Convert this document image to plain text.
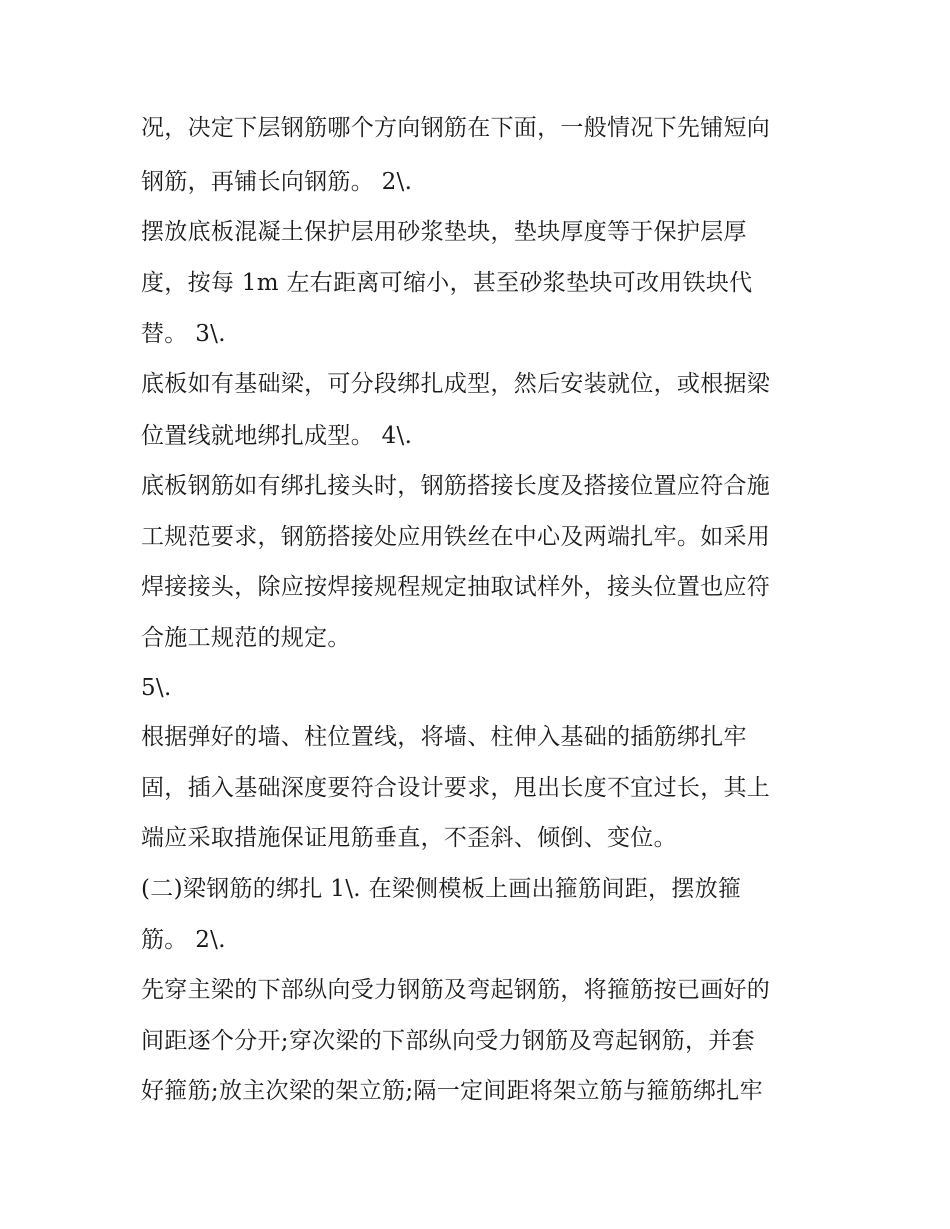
况，决定下层钢筋哪个方向钢筋在下面，一般情况下先铺短向

钢筋，再铺长向钢筋。 2\.

摆放底板混凝土保护层用砂浆垫块，垫块厚度等于保护层厚

度，按每 1m 左右距离可缩小，甚至砂浆垫块可改用铁块代

替。 3\.

底板如有基础梁，可分段绑扎成型，然后安装就位，或根据梁

位置线就地绑扎成型。 4\.

底板钢筋如有绑扎接头时，钢筋搭接长度及搭接位置应符合施

工规范要求，钢筋搭接处应用铁丝在中心及两端扎牢。如采用

焊接接头，除应按焊接规程规定抽取试样外，接头位置也应符

合施工规范的规定。

5\.

根据弹好的墙、柱位置线，将墙、柱伸入基础的插筋绑扎牢

固，插入基础深度要符合设计要求，甩出长度不宜过长，其上

端应采取措施保证甩筋垂直，不歪斜、倾倒、变位。

(二)梁钢筋的绑扎 1\. 在梁侧模板上画出箍筋间距，摆放箍

筋。 2\.

先穿主梁的下部纵向受力钢筋及弯起钢筋，将箍筋按已画好的

间距逐个分开;穿次梁的下部纵向受力钢筋及弯起钢筋，并套

好箍筋;放主次梁的架立筋;隔一定间距将架立筋与箍筋绑扎牢
